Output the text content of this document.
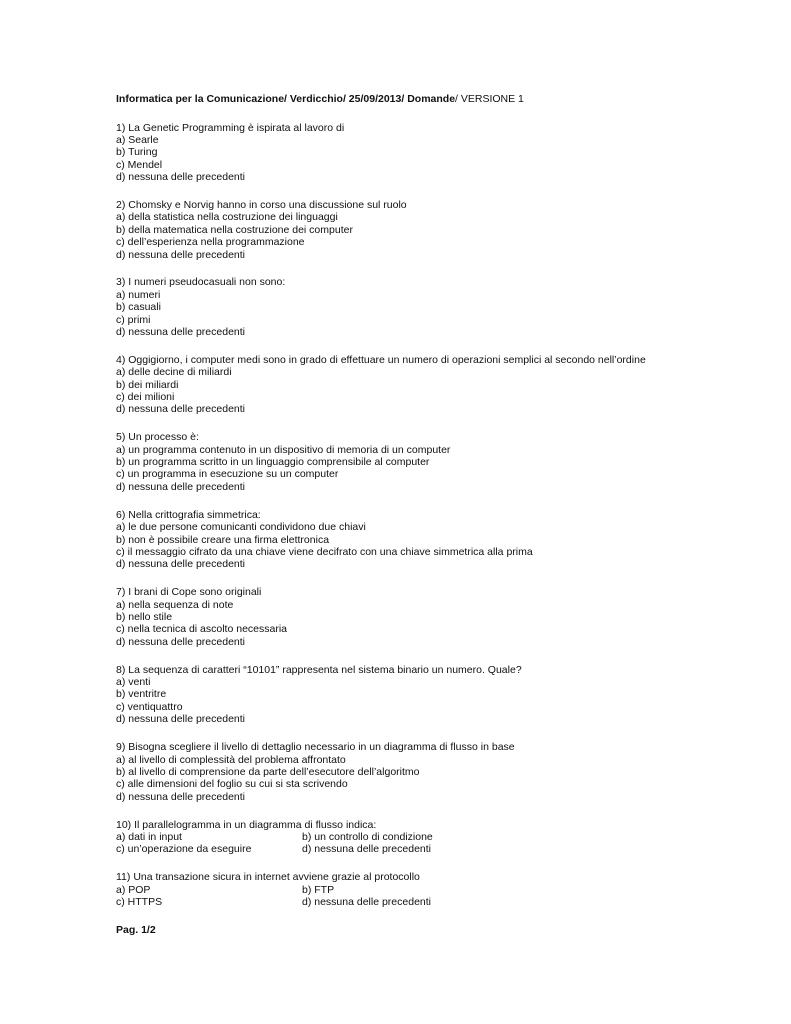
Informatica per la Comunicazione/ Verdicchio/ 25/09/2013/ Domande/ VERSIONE 1
1) La Genetic Programming è ispirata al lavoro di
a) Searle
b) Turing
c) Mendel
d) nessuna delle precedenti
2) Chomsky e Norvig hanno in corso una discussione sul ruolo
a) della statistica nella costruzione dei linguaggi
b) della matematica nella costruzione dei computer
c) dell’esperienza nella programmazione
d) nessuna delle precedenti
3) I numeri pseudocasuali non sono:
a) numeri
b) casuali
c) primi
d) nessuna delle precedenti
4) Oggigiorno, i computer medi sono in grado di effettuare un numero di operazioni semplici al secondo nell’ordine
a) delle decine di miliardi
b) dei miliardi
c) dei milioni
d) nessuna delle precedenti
5) Un processo è:
a) un programma contenuto in un dispositivo di memoria di un computer
b) un programma scritto in un linguaggio comprensibile al computer
c) un programma in esecuzione su un computer
d) nessuna delle precedenti
6) Nella crittografia simmetrica:
a) le due persone comunicanti condividono due chiavi
b) non è possibile creare una firma elettronica
c) il messaggio cifrato da una chiave viene decifrato con una chiave simmetrica alla prima
d) nessuna delle precedenti
7) I brani di Cope sono originali
a) nella sequenza di note
b) nello stile
c) nella tecnica di ascolto necessaria
d) nessuna delle precedenti
8) La sequenza di caratteri “10101” rappresenta nel sistema binario un numero. Quale?
a) venti
b) ventritre
c) ventiquattro
d) nessuna delle precedenti
9) Bisogna scegliere il livello di dettaglio necessario in un diagramma di flusso in base
a) al livello di complessità del problema affrontato
b) al livello di comprensione da parte dell’esecutore dell’algoritmo
c) alle dimensioni del foglio su cui si sta scrivendo
d) nessuna delle precedenti
10) Il parallelogramma in un diagramma di flusso indica:
a) dati in input	b) un controllo di condizione
c) un’operazione da eseguire	d) nessuna delle precedenti
11) Una transazione sicura in internet avviene grazie al protocollo
a) POP	b) FTP
c) HTTPS	d) nessuna delle precedenti
Pag. 1/2
